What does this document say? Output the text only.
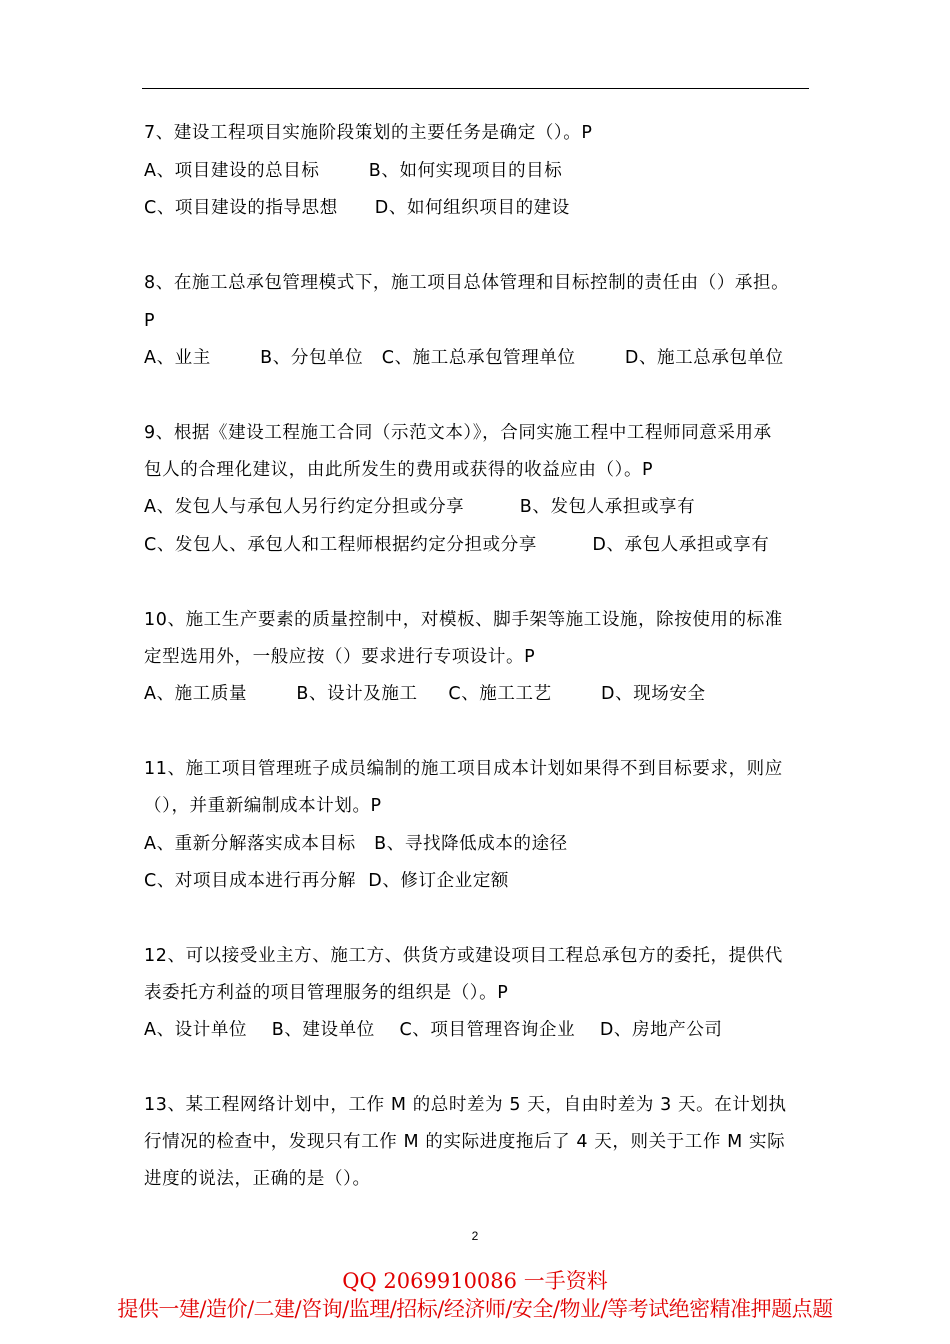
7、建设工程项目实施阶段策划的主要任务是确定（）。P
A、项目建设的总目标        B、如何实现项目的目标
C、项目建设的指导思想      D、如何组织项目的建设
8、在施工总承包管理模式下，施工项目总体管理和目标控制的责任由（）承担。
P
A、业主        B、分包单位   C、施工总承包管理单位        D、施工总承包单位
9、根据《建设工程施工合同（示范文本）》，合同实施工程中工程师同意采用承
包人的合理化建议，由此所发生的费用或获得的收益应由（）。P
A、发包人与承包人另行约定分担或分享         B、发包人承担或享有
C、发包人、承包人和工程师根据约定分担或分享         D、承包人承担或享有
10、施工生产要素的质量控制中，对模板、脚手架等施工设施，除按使用的标准
定型选用外，一般应按（）要求进行专项设计。P
A、施工质量        B、设计及施工     C、施工工艺        D、现场安全
11、施工项目管理班子成员编制的施工项目成本计划如果得不到目标要求，则应
（），并重新编制成本计划。P
A、重新分解落实成本目标   B、寻找降低成本的途径
C、对项目成本进行再分解  D、修订企业定额
12、可以接受业主方、施工方、供货方或建设项目工程总承包方的委托，提供代
表委托方利益的项目管理服务的组织是（）。P
A、设计单位    B、建设单位    C、项目管理咨询企业    D、房地产公司
13、某工程网络计划中，工作 M 的总时差为 5 天，自由时差为 3 天。在计划执
行情况的检查中，发现只有工作 M 的实际进度拖后了 4 天，则关于工作 M 实际
进度的说法，正确的是（）。
2
QQ 2069910086 一手资料
提供一建/造价/二建/咨询/监理/招标/经济师/安全/物业/等考试绝密精准押题点题
